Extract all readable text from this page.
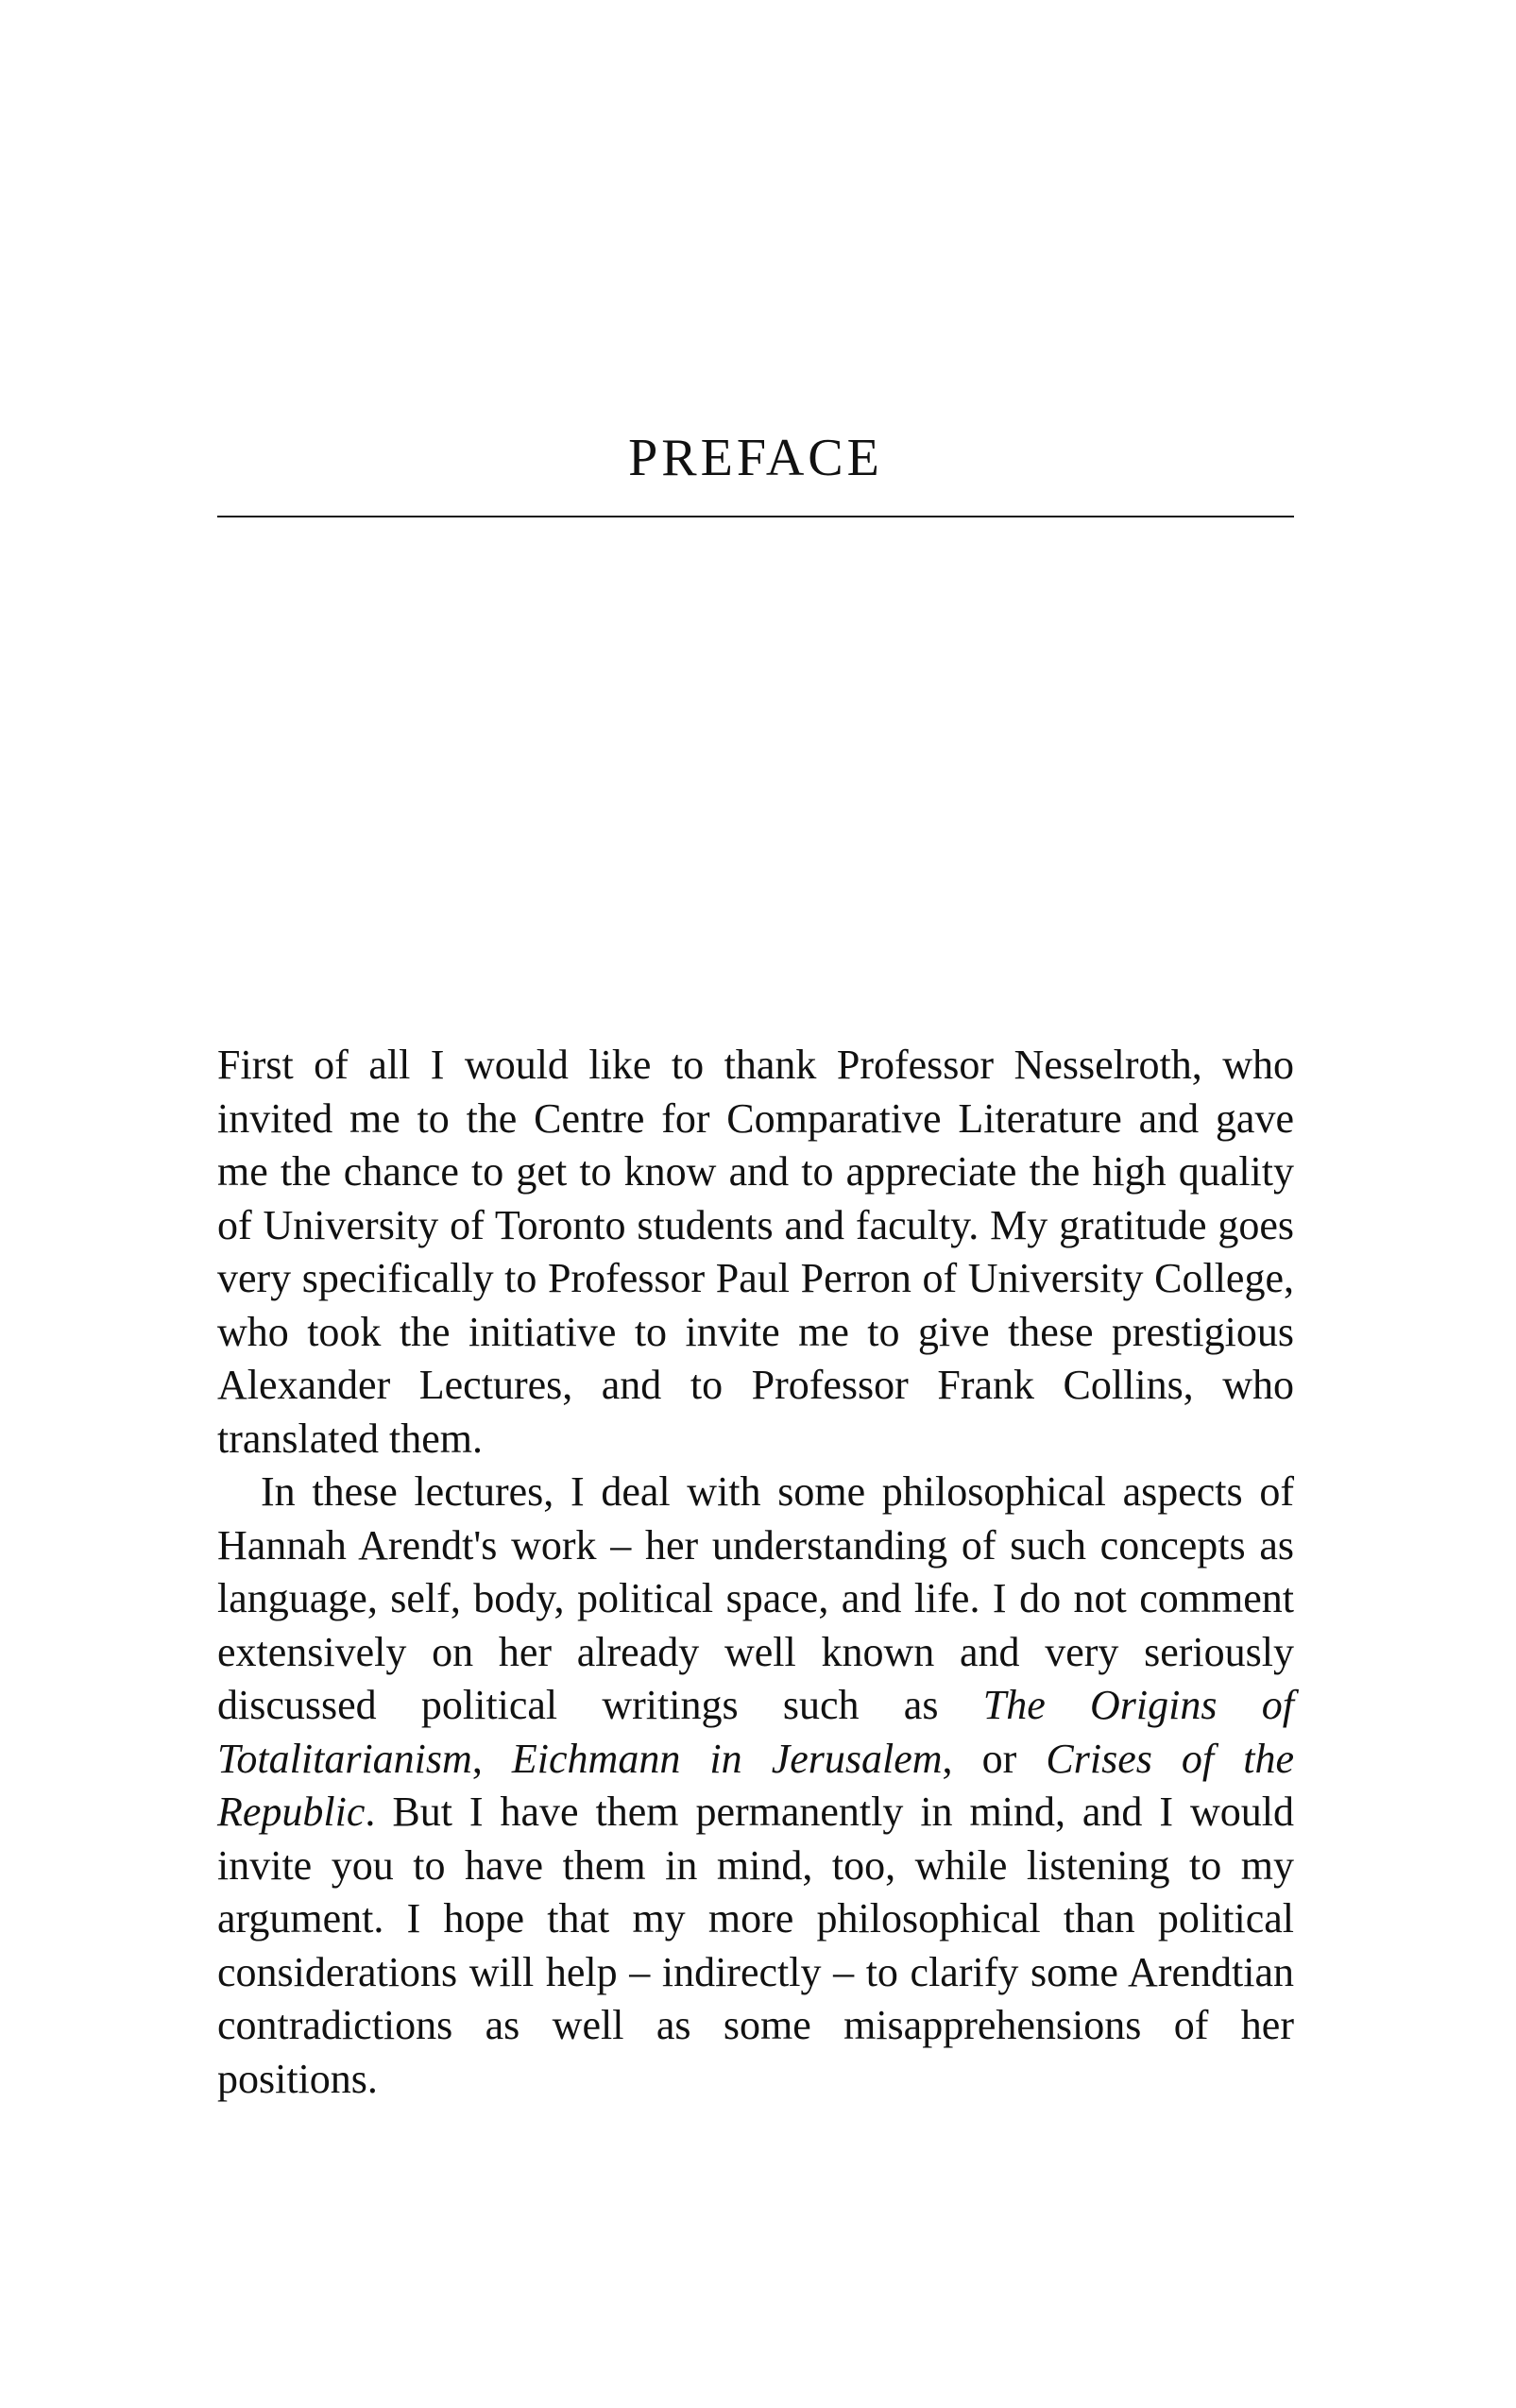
PREFACE

First of all I would like to thank Professor Nesselroth, who invited me to the Centre for Comparative Literature and gave me the chance to get to know and to appreciate the high quality of University of Toronto students and faculty. My gratitude goes very specifically to Professor Paul Perron of University College, who took the initiative to invite me to give these prestigious Alexander Lectures, and to Professor Frank Collins, who translated them.

In these lectures, I deal with some philosophical aspects of Hannah Arendt's work – her understanding of such concepts as language, self, body, political space, and life. I do not comment extensively on her already well known and very seriously discussed political writings such as The Origins of Totalitarianism, Eichmann in Jerusalem, or Crises of the Republic. But I have them permanently in mind, and I would invite you to have them in mind, too, while listening to my argument. I hope that my more philosophical than political considerations will help – indirectly – to clarify some Arendtian contradictions as well as some misapprehensions of her positions.
